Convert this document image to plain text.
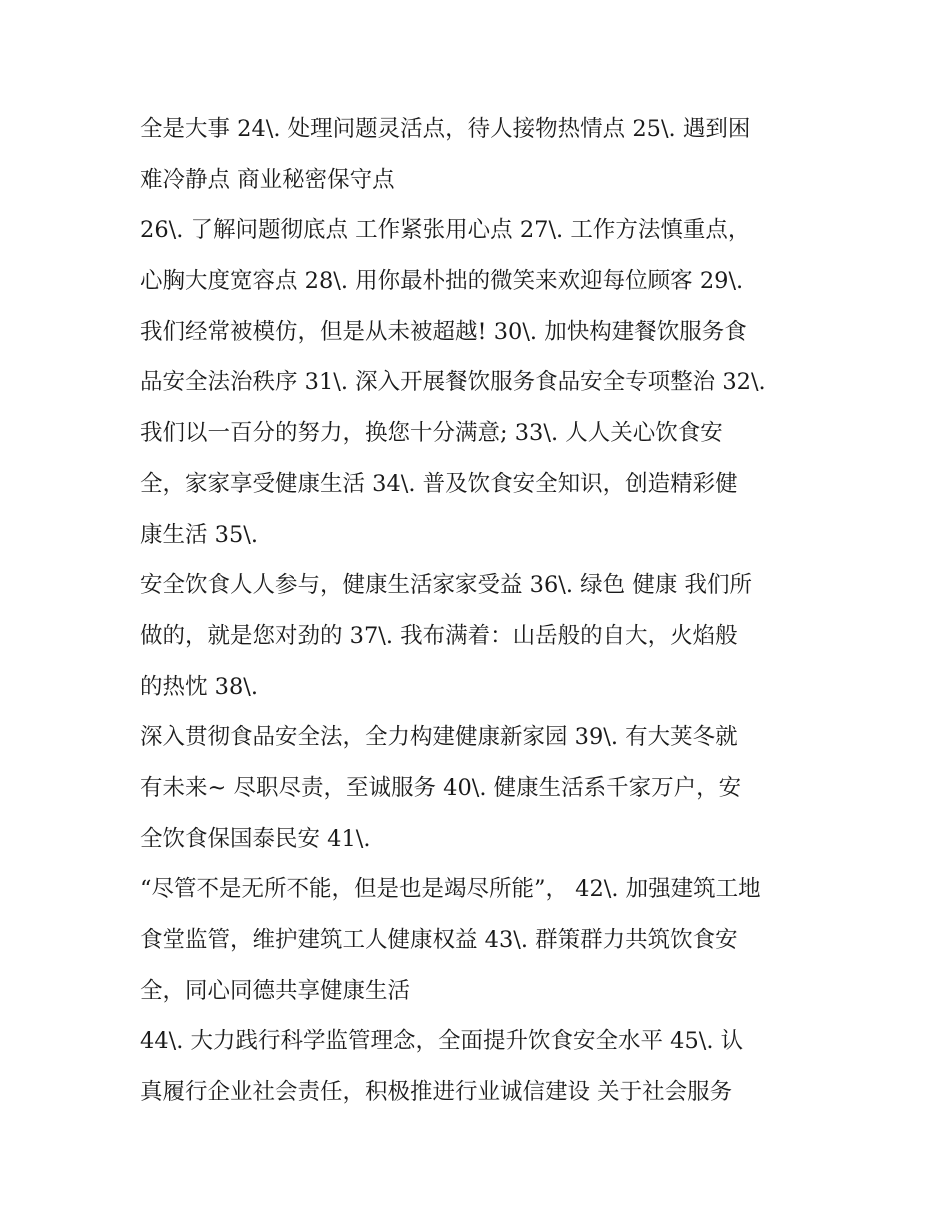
全是大事 24\. 处理问题灵活点，待人接物热情点 25\. 遇到困
难冷静点 商业秘密保守点
26\. 了解问题彻底点 工作紧张用心点 27\. 工作方法慎重点，
心胸大度宽容点 28\. 用你最朴拙的微笑来欢迎每位顾客 29\.
我们经常被模仿，但是从未被超越! 30\. 加快构建餐饮服务食
品安全法治秩序 31\. 深入开展餐饮服务食品安全专项整治 32\.
我们以一百分的努力，换您十分满意; 33\. 人人关心饮食安
全，家家享受健康生活 34\. 普及饮食安全知识，创造精彩健
康生活 35\.
安全饮食人人参与，健康生活家家受益 36\. 绿色 健康 我们所
做的，就是您对劲的 37\. 我布满着：山岳般的自大，火焰般
的热忱 38\.
深入贯彻食品安全法，全力构建健康新家园 39\. 有大荚冬就
有未来~ 尽职尽责，至诚服务 40\. 健康生活系千家万户，安
全饮食保国泰民安 41\.
“尽管不是无所不能，但是也是竭尽所能”， 42\. 加强建筑工地
食堂监管，维护建筑工人健康权益 43\. 群策群力共筑饮食安
全，同心同德共享健康生活
44\. 大力践行科学监管理念，全面提升饮食安全水平 45\. 认
真履行企业社会责任，积极推进行业诚信建设 关于社会服务
